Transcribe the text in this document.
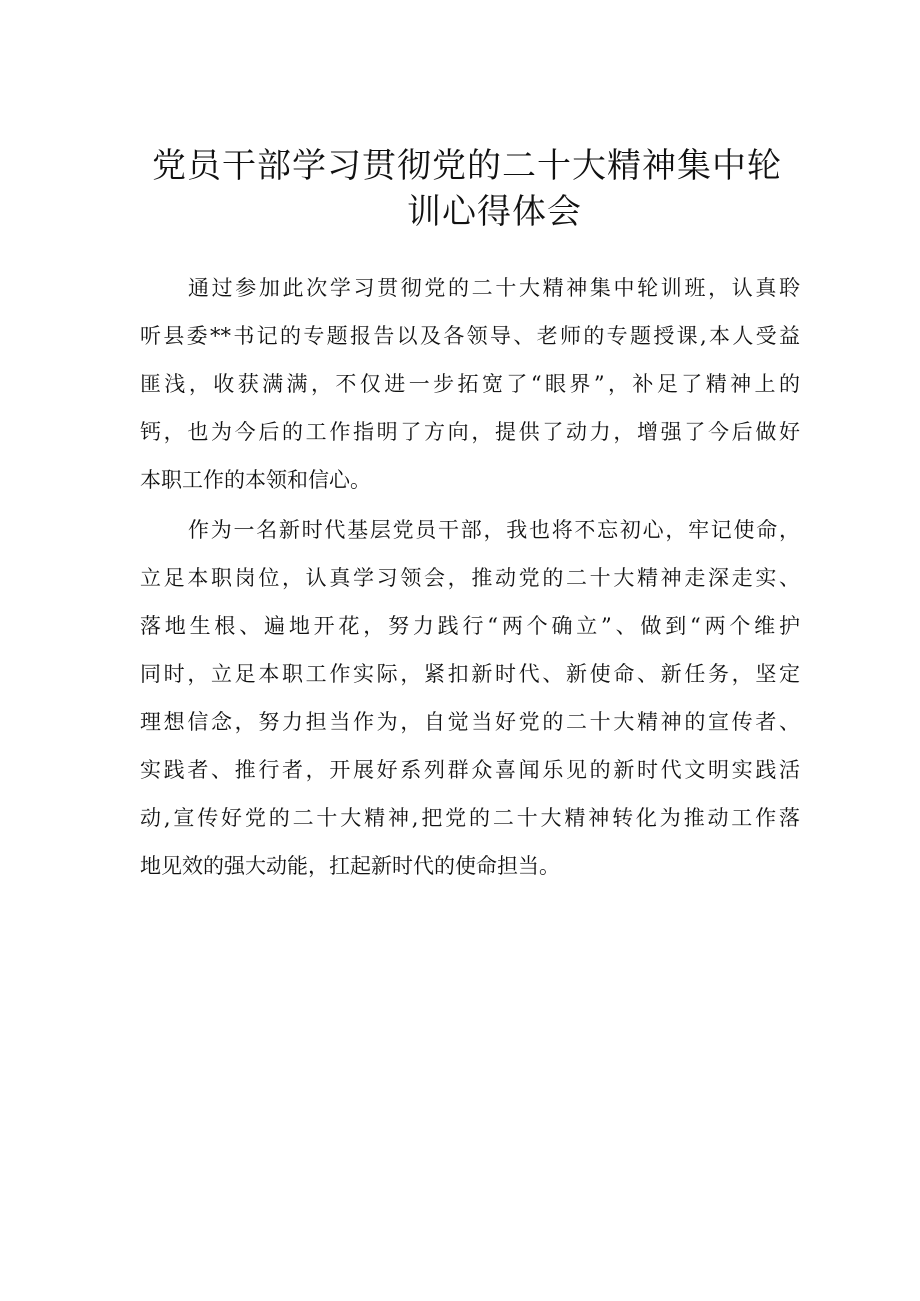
党员干部学习贯彻党的二十大精神集中轮
训心得体会
通过参加此次学习贯彻党的二十大精神集中轮训班，认真聆
听县委**书记的专题报告以及各领导、老师的专题授课,本人受益
匪浅，收获满满，不仅进一步拓宽了“眼界”，补足了精神上的
钙，也为今后的工作指明了方向，提供了动力，增强了今后做好
本职工作的本领和信心。
作为一名新时代基层党员干部，我也将不忘初心，牢记使命，
立足本职岗位，认真学习领会，推动党的二十大精神走深走实、
落地生根、遍地开花，努力践行“两个确立”、做到“两个维护
同时，立足本职工作实际，紧扣新时代、新使命、新任务，坚定
理想信念，努力担当作为，自觉当好党的二十大精神的宣传者、
实践者、推行者，开展好系列群众喜闻乐见的新时代文明实践活
动,宣传好党的二十大精神,把党的二十大精神转化为推动工作落
地见效的强大动能，扛起新时代的使命担当。
